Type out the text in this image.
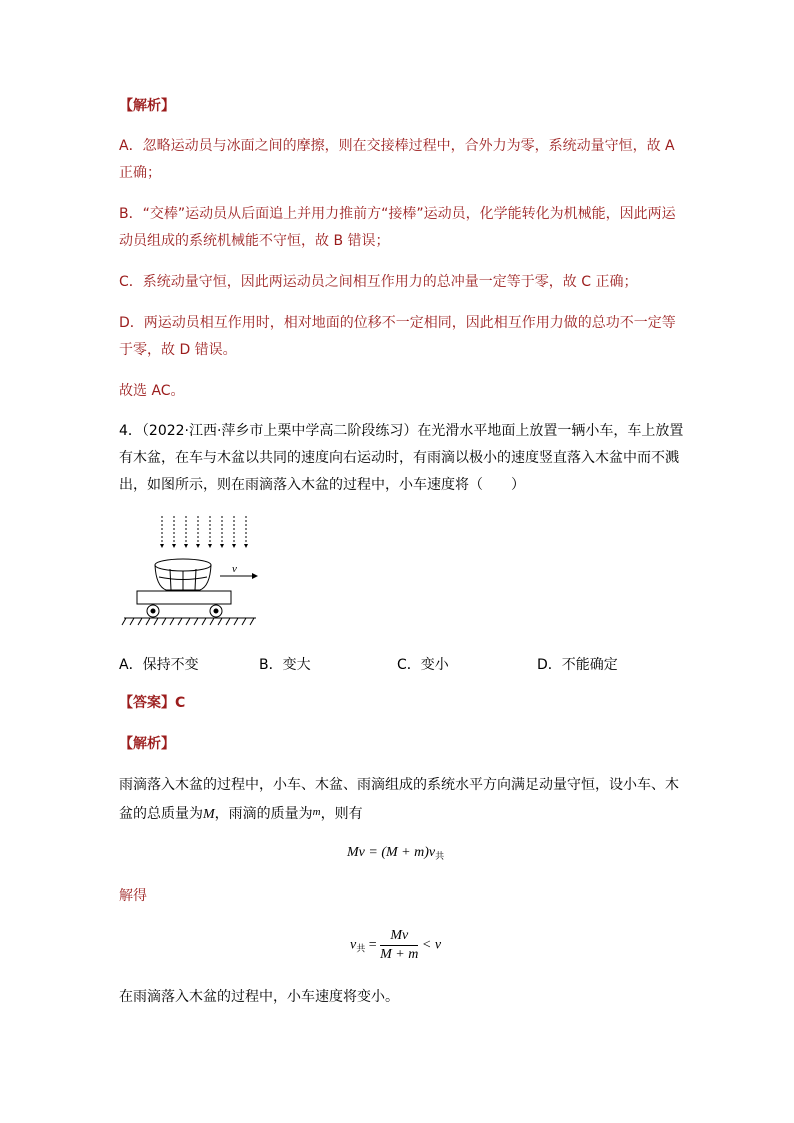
【解析】
A．忽略运动员与冰面之间的摩擦，则在交接棒过程中，合外力为零，系统动量守恒，故 A
正确；
B．“交棒”运动员从后面追上并用力推前方“接棒”运动员，化学能转化为机械能，因此两运
动员组成的系统机械能不守恒，故 B 错误；
C．系统动量守恒，因此两运动员之间相互作用力的总冲量一定等于零，故 C 正确；
D．两运动员相互作用时，相对地面的位移不一定相同，因此相互作用力做的总功不一定等
于零，故 D 错误。
故选 AC。
4．（2022·江西·萍乡市上栗中学高二阶段练习）在光滑水平地面上放置一辆小车，车上放置
有木盆，在车与木盆以共同的速度向右运动时，有雨滴以极小的速度竖直落入木盆中而不溅
出，如图所示，则在雨滴落入木盆的过程中，小车速度将（　　）
v
A．保持不变	B．变大	C．变小	D．不能确定
【答案】C
【解析】
雨滴落入木盆的过程中，小车、木盆、雨滴组成的系统水平方向满足动量守恒，设小车、木
盆的总质量为M，雨滴的质量为$^m$，则有
$Mv = (M + m)v_共$
解得
$v_共 = \frac{Mv}{M + m} < v$
在雨滴落入木盆的过程中，小车速度将变小。
